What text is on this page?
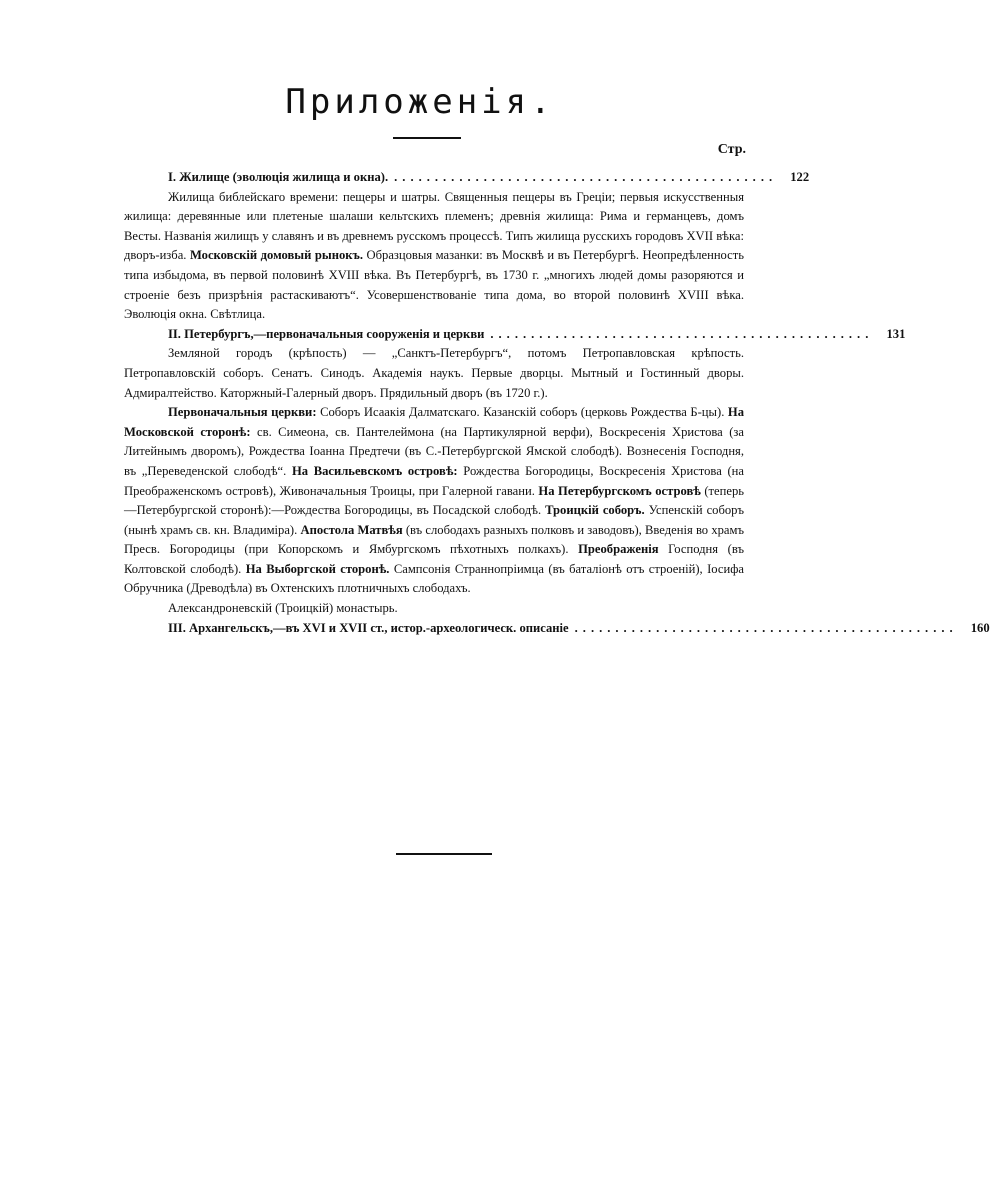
Приложенія.
Стр.
I. Жилище (эволюція жилища и окна). ...............................................	122

Жилища библейскаго времени: пещеры и шатры. Священныя пещеры въ Греціи; первыя искусственныя жилища: деревянные или плетеные шалаши кельтскихъ племенъ; древнія жилища: Рима и германцевъ, домъ Весты. Названія жилищъ у славянъ и въ древнемъ русскомъ процессѣ. Типъ жилища русскихъ городовъ XVII вѣка: дворъ-изба. Московскій домовый рынокъ. Образцовыя мазанки: въ Москвѣ и въ Петербургѣ. Неопредѣленность типа избыдома, въ первой половинѣ XVIII вѣка. Въ Петербургѣ, въ 1730 г. „многихъ людей домы разоряются и строеніе безъ призрѣнія растаскиваютъ“. Усовершенствованіе типа дома, во второй половинѣ XVIII вѣка. Эволюція окна. Свѣтлица.

II. Петербургъ,—первоначальныя сооруженія и церкви ...............................................	131

Земляной городъ (крѣпость) — „Санктъ-Петербургъ“, потомъ Петропавловская крѣпость. Петропавловскій соборъ. Сенатъ. Синодъ. Академія наукъ. Первые дворцы. Мытный и Гостинный дворы. Адмиралтейство. Каторжный-Галерный дворъ. Прядильный дворъ (въ 1720 г.).

Первоначальныя церкви: Соборъ Исаакія Далматскаго. Казанскій соборъ (церковь Рождества Б-цы). На Московской сторонѣ: св. Симеона, св. Пантелеймона (на Партикулярной верфи), Воскресенія Христова (за Литейнымъ дворомъ), Рождества Іоанна Предтечи (въ С.-Петербургской Ямской слободѣ). Вознесенія Господня, въ „Переведенской слободѣ“. На Васильевскомъ островѣ: Рождества Богородицы, Воскресенія Христова (на Преображенскомъ островѣ), Живоначальныя Троицы, при Галерной гавани. На Петербургскомъ островѣ (теперь—Петербургской сторонѣ):—Рождества Богородицы, въ Посадской слободѣ. Троицкій соборъ. Успенскій соборъ (нынѣ храмъ св. кн. Владиміра). Апостола Матвѣя (въ слободахъ разныхъ полковъ и заводовъ), Введенія во храмъ Пресв. Богородицы (при Копорскомъ и Ямбургскомъ пѣхотныхъ полкахъ). Преображенія Господня (въ Колтовской слободѣ). На Выборгской сторонѣ. Сампсонія Страннопріимца (въ баталіонѣ отъ строеній), Іосифа Обручника (Древодѣла) въ Охтенскихъ плотничныхъ слободахъ.

Александроневскій (Троицкій) монастырь.

III. Архангельскъ,—въ XVI и XVII ст., истор.-археологическ. описаніе ...............................................	160
